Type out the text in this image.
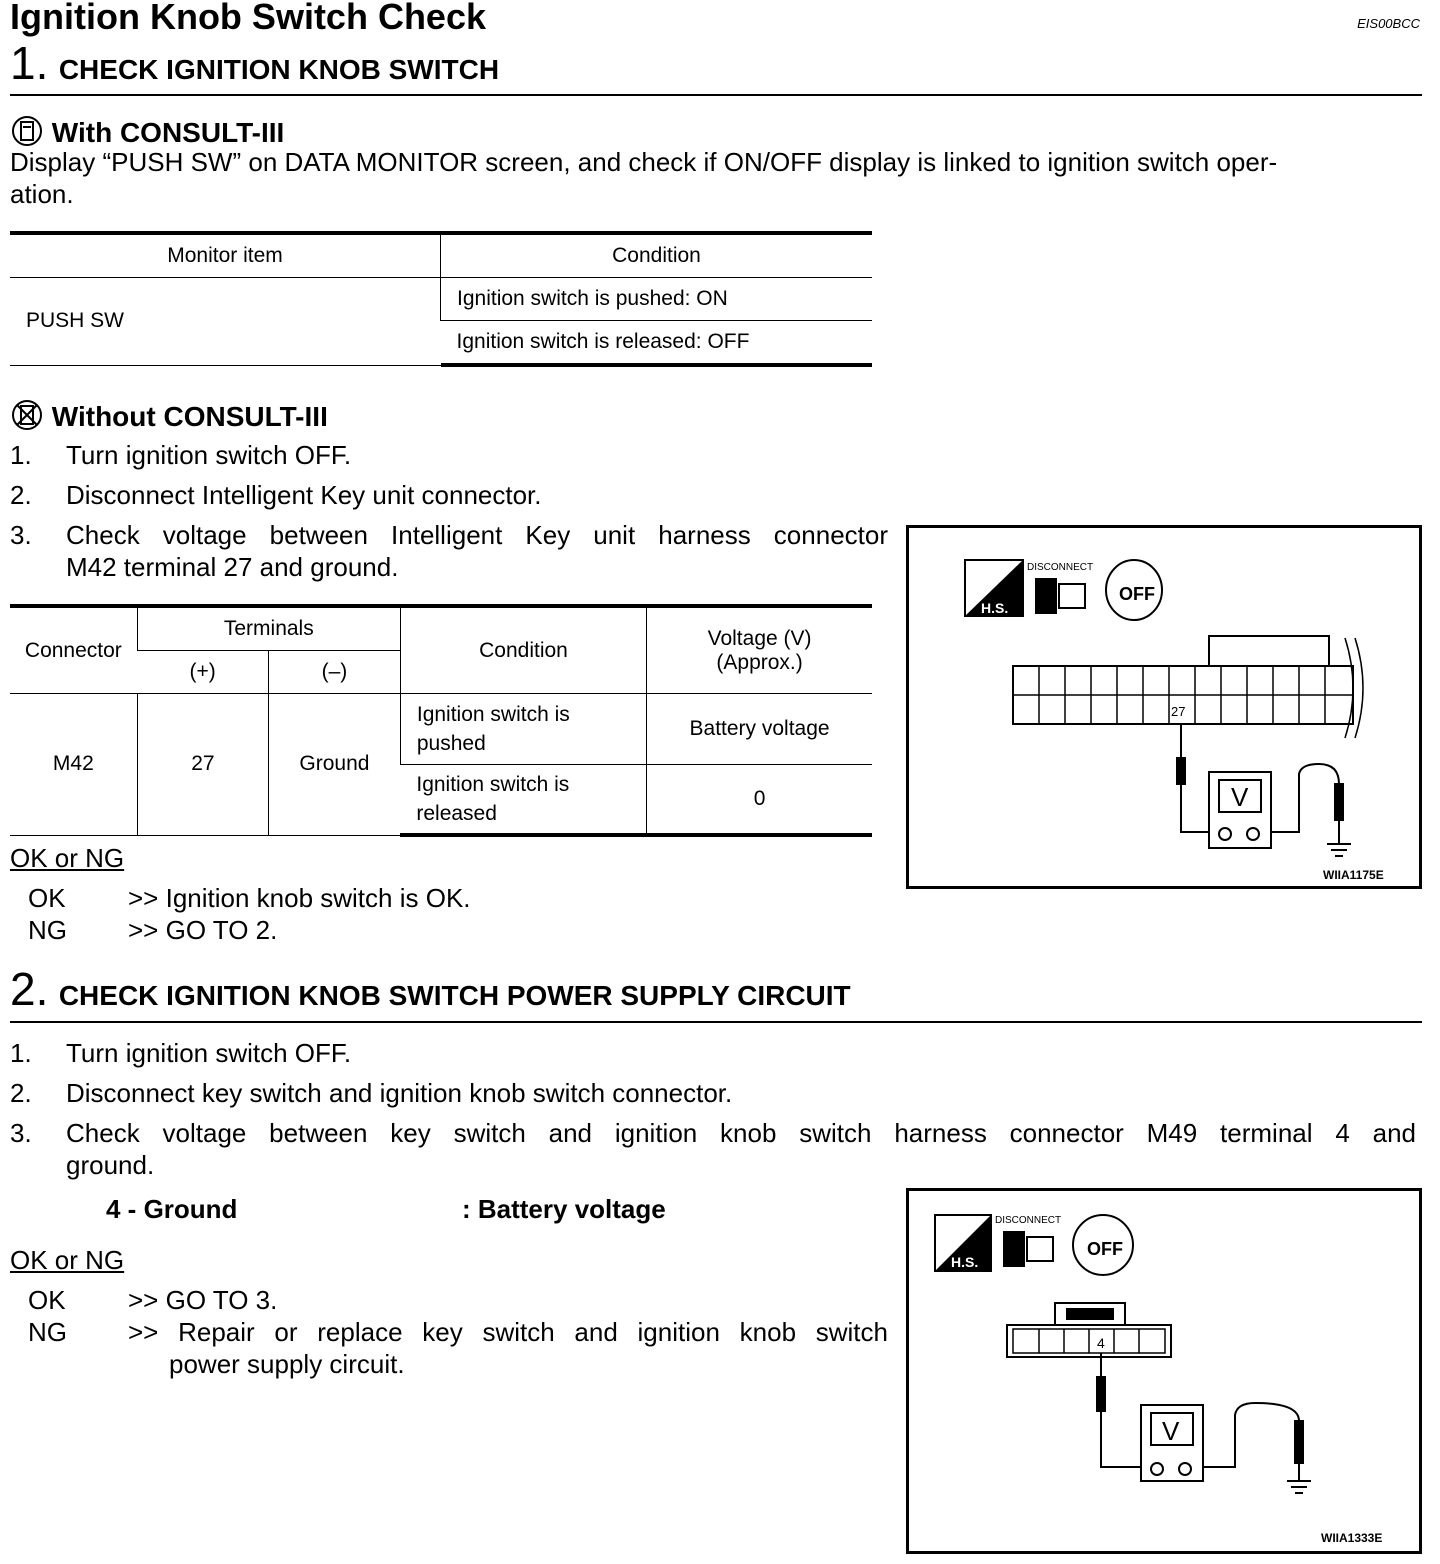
Ignition Knob Switch Check	EIS00BCC
1. CHECK IGNITION KNOB SWITCH
With CONSULT-III
Display “PUSH SW” on DATA MONITOR screen, and check if ON/OFF display is linked to ignition switch oper-
ation.
Monitor item	Condition
PUSH SW	Ignition switch is pushed: ON
	Ignition switch is released: OFF
Without CONSULT-III
1. Turn ignition switch OFF.
2. Disconnect Intelligent Key unit connector.
3. Check voltage between Intelligent Key unit harness connector
M42 terminal 27 and ground.
Connector	Terminals		Condition	Voltage (V)
(Approx.)

	(+)	(–)		
M42	27	Ground	Ignition switch is
pushed	Battery voltage

			Ignition switch is
released	0
OK or NG
OK >> Ignition knob switch is OK.
NG >> GO TO 2.
H.S.
DISCONNECT
OFF
27
V
WIIA1175E
2. CHECK IGNITION KNOB SWITCH POWER SUPPLY CIRCUIT
1. Turn ignition switch OFF.
2. Disconnect key switch and ignition knob switch connector.
3. Check voltage between key switch and ignition knob switch harness connector M49 terminal 4 and
ground.
4 - Ground	: Battery voltage
OK or NG
OK >> GO TO 3.
NG >> Repair or replace key switch and ignition knob switch
power supply circuit.
H.S.
DISCONNECT
OFF
4
V
WIIA1333E
